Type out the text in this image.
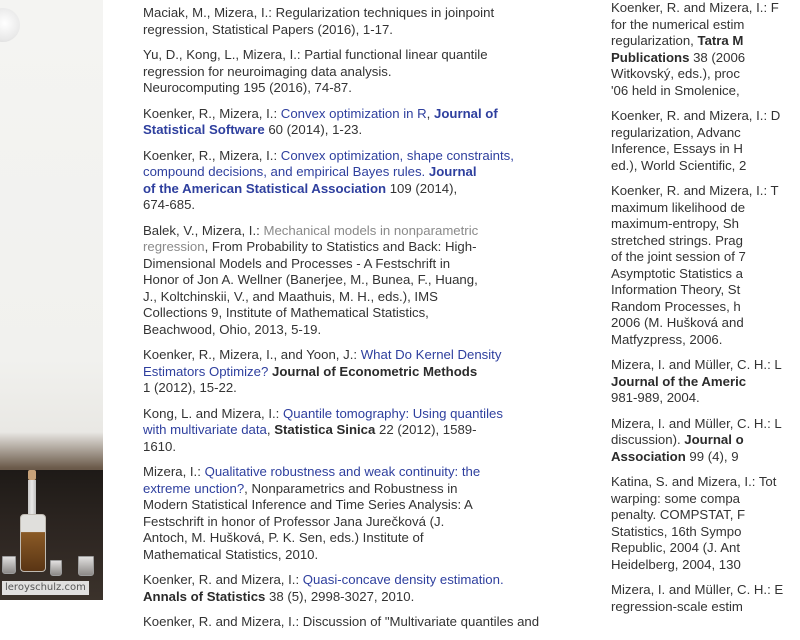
leroyschulz.com
Maciak, M., Mizera, I.: Regularization techniques in joinpoint
regression, Statistical Papers (2016), 1-17.
Yu, D., Kong, L., Mizera, I.: Partial functional linear quantile
regression for neuroimaging data analysis.
Neurocomputing 195 (2016), 74-87.
Koenker, R., Mizera, I.: Convex optimization in R, Journal of
Statistical Software 60 (2014), 1-23.
Koenker, R., Mizera, I.: Convex optimization, shape constraints,
compound decisions, and empirical Bayes rules. Journal
of the American Statistical Association 109 (2014),
674-685.
Balek, V., Mizera, I.: Mechanical models in nonparametric
regression, From Probability to Statistics and Back: High-
Dimensional Models and Processes - A Festschrift in
Honor of Jon A. Wellner (Banerjee, M., Bunea, F., Huang,
J., Koltchinskii, V., and Maathuis, M. H., eds.), IMS
Collections 9, Institute of Mathematical Statistics,
Beachwood, Ohio, 2013, 5-19.
Koenker, R., Mizera, I., and Yoon, J.: What Do Kernel Density
Estimators Optimize? Journal of Econometric Methods
1 (2012), 15-22.
Kong, L. and Mizera, I.: Quantile tomography: Using quantiles
with multivariate data, Statistica Sinica 22 (2012), 1589-
1610.
Mizera, I.: Qualitative robustness and weak continuity: the
extreme unction?, Nonparametrics and Robustness in
Modern Statistical Inference and Time Series Analysis: A
Festschrift in honor of Professor Jana Jurečková (J.
Antoch, M. Hušková, P. K. Sen, eds.) Institute of
Mathematical Statistics, 2010.
Koenker, R. and Mizera, I.: Quasi-concave density estimation.
Annals of Statistics 38 (5), 2998-3027, 2010.
Koenker, R. and Mizera, I.: Discussion of "Multivariate quantiles and
Koenker, R. and Mizera, I.: F
for the numerical estim
regularization, Tatra M
Publications 38 (2006
Witkovský, eds.), proc
'06 held in Smolenice,
Koenker, R. and Mizera, I.: D
regularization, Advanc
Inference, Essays in H
ed.), World Scientific, 2
Koenker, R. and Mizera, I.: T
maximum likelihood de
maximum-entropy, Sh
stretched strings. Prag
of the joint session of 7
Asymptotic Statistics a
Information Theory, St
Random Processes, h
2006 (M. Hušková and
Matfyzpress, 2006.
Mizera, I. and Müller, C. H.: L
Journal of the Americ
981-989, 2004.
Mizera, I. and Müller, C. H.: L
discussion). Journal o
Association 99 (4), 9
Katina, S. and Mizera, I.: Tot
warping: some compa
penalty. COMPSTAT, F
Statistics, 16th Sympo
Republic, 2004 (J. Ant
Heidelberg, 2004, 130
Mizera, I. and Müller, C. H.: E
regression-scale estim
